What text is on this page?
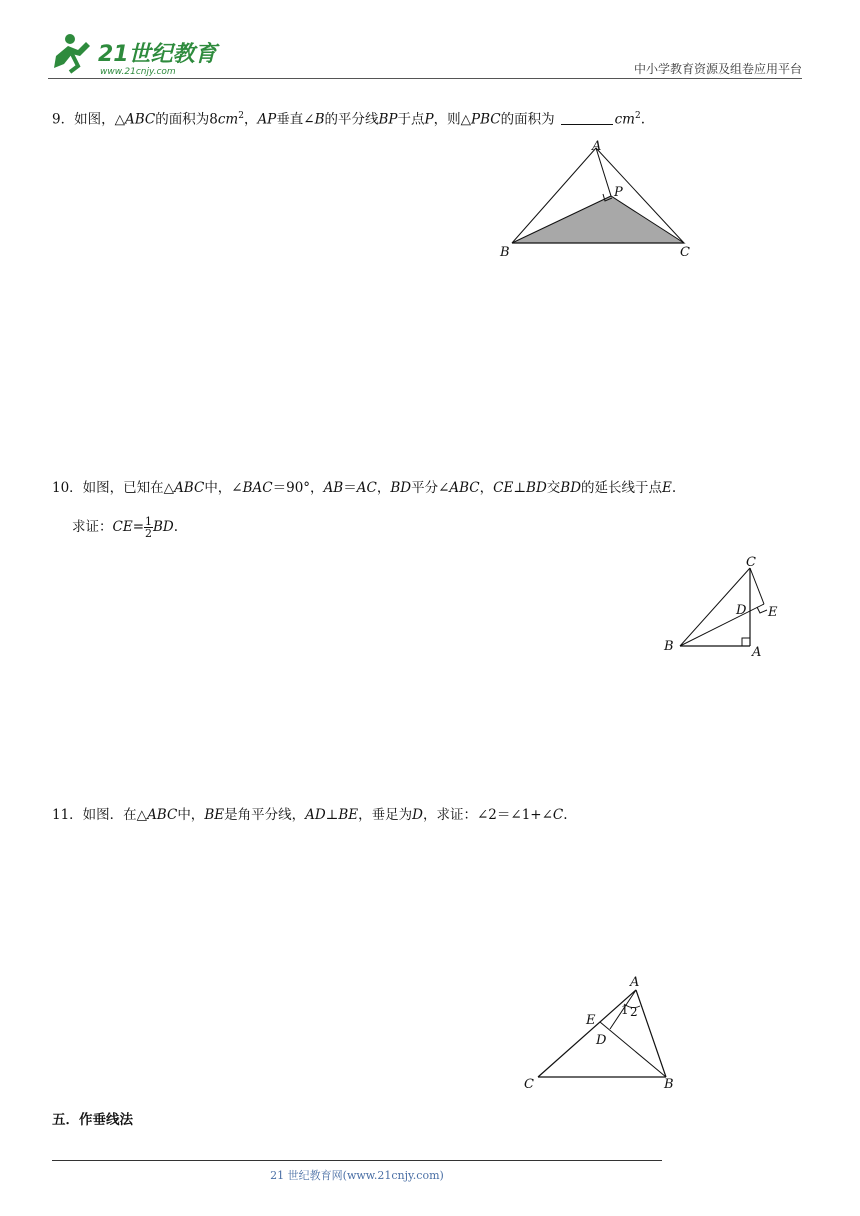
21世纪教育
www.21cnjy.com	中小学教育资源及组卷应用平台
9．如图，△ABC的面积为$8cm^2$，AP垂直∠B的平分线BP于点P，则△PBC的面积为	$cm^2$.
A
P
B	C
10．如图，已知在△ABC中，∠BAC＝90°，AB＝AC，BD平分∠ABC，CE⊥BD交BD的延长线于点E.
求证：$CE= \frac{1}{2}$ BD.
C
D E
B	A
11．如图．在△ABC中，BE是角平分线，AD⊥BE，垂足为D，求证：∠2＝∠1+∠C.
A
E
D
1 2
C	B
五．作垂线法
21 世纪教育网(www.21cnjy.com)
